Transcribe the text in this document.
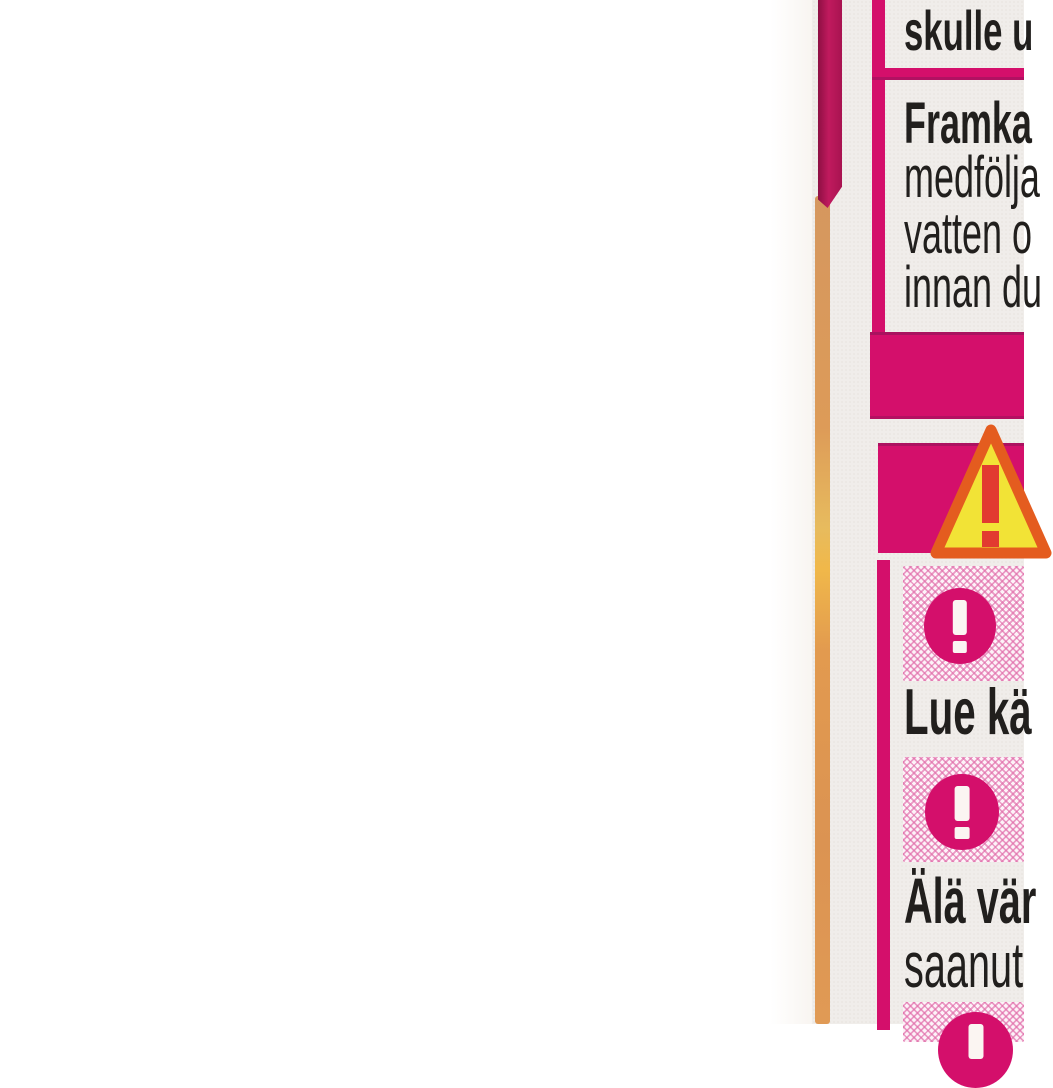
skulle u
Framka
medfölja
vatten o
innan du
Lue kä
Älä vär
saanut
